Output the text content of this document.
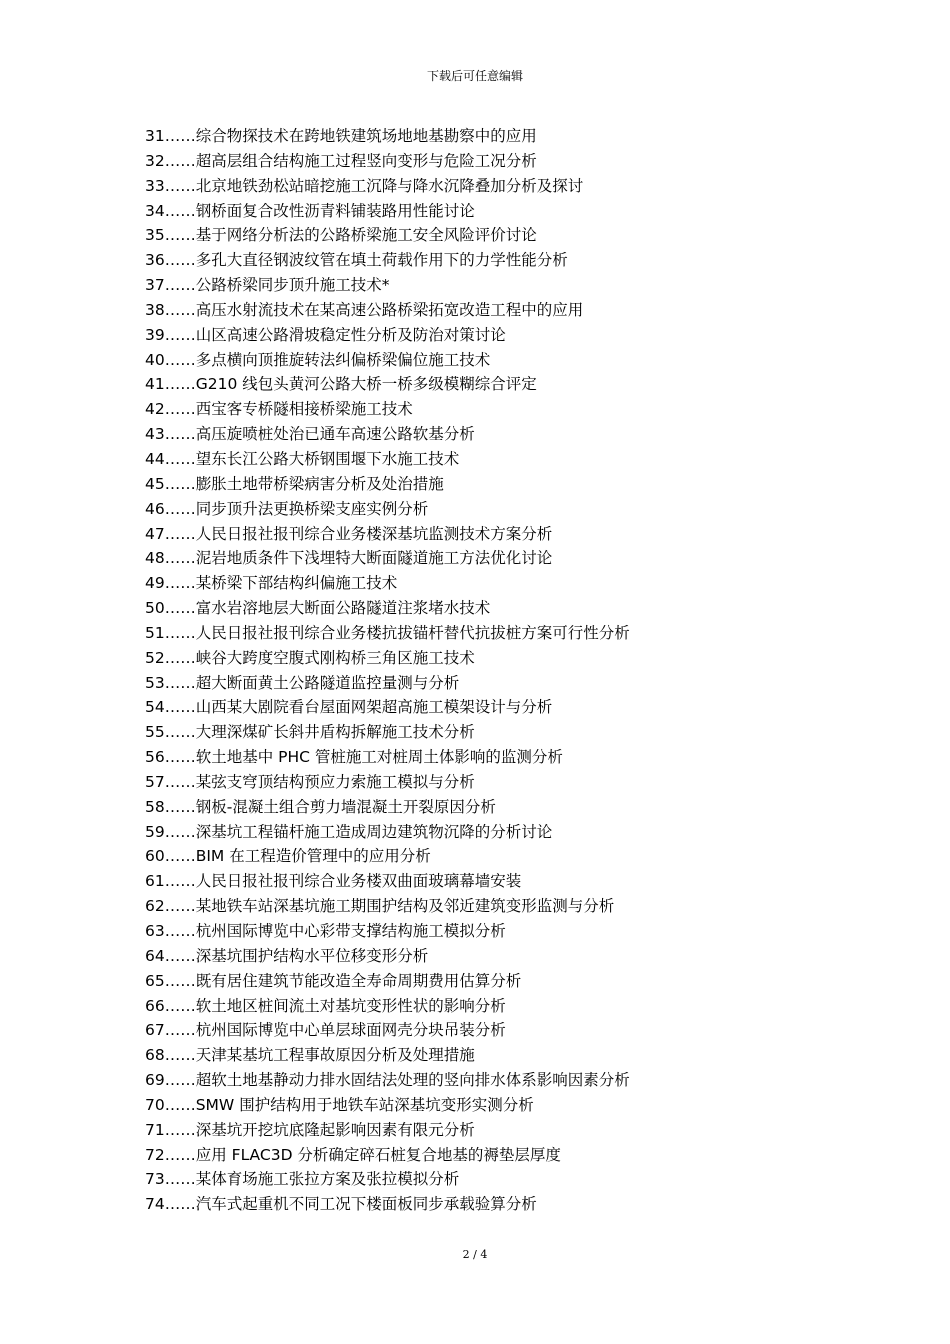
下载后可任意编辑
31……综合物探技术在跨地铁建筑场地地基勘察中的应用
32……超高层组合结构施工过程竖向变形与危险工况分析
33……北京地铁劲松站暗挖施工沉降与降水沉降叠加分析及探讨
34……钢桥面复合改性沥青料铺装路用性能讨论
35……基于网络分析法的公路桥梁施工安全风险评价讨论
36……多孔大直径钢波纹管在填土荷载作用下的力学性能分析
37……公路桥梁同步顶升施工技术*
38……高压水射流技术在某高速公路桥梁拓宽改造工程中的应用
39……山区高速公路滑坡稳定性分析及防治对策讨论
40……多点横向顶推旋转法纠偏桥梁偏位施工技术
41……G210 线包头黄河公路大桥一桥多级模糊综合评定
42……西宝客专桥隧相接桥梁施工技术
43……高压旋喷桩处治已通车高速公路软基分析
44……望东长江公路大桥钢围堰下水施工技术
45……膨胀土地带桥梁病害分析及处治措施
46……同步顶升法更换桥梁支座实例分析
47……人民日报社报刊综合业务楼深基坑监测技术方案分析
48……泥岩地质条件下浅埋特大断面隧道施工方法优化讨论
49……某桥梁下部结构纠偏施工技术
50……富水岩溶地层大断面公路隧道注浆堵水技术
51……人民日报社报刊综合业务楼抗拔锚杆替代抗拔桩方案可行性分析
52……峡谷大跨度空腹式刚构桥三角区施工技术
53……超大断面黄土公路隧道监控量测与分析
54……山西某大剧院看台屋面网架超高施工模架设计与分析
55……大理深煤矿长斜井盾构拆解施工技术分析
56……软土地基中 PHC 管桩施工对桩周土体影响的监测分析
57……某弦支穹顶结构预应力索施工模拟与分析
58……钢板-混凝土组合剪力墙混凝土开裂原因分析
59……深基坑工程锚杆施工造成周边建筑物沉降的分析讨论
60……BIM 在工程造价管理中的应用分析
61……人民日报社报刊综合业务楼双曲面玻璃幕墙安装
62……某地铁车站深基坑施工期围护结构及邻近建筑变形监测与分析
63……杭州国际博览中心彩带支撑结构施工模拟分析
64……深基坑围护结构水平位移变形分析
65……既有居住建筑节能改造全寿命周期费用估算分析
66……软土地区桩间流土对基坑变形性状的影响分析
67……杭州国际博览中心单层球面网壳分块吊装分析
68……天津某基坑工程事故原因分析及处理措施
69……超软土地基静动力排水固结法处理的竖向排水体系影响因素分析
70……SMW 围护结构用于地铁车站深基坑变形实测分析
71……深基坑开挖坑底隆起影响因素有限元分析
72……应用 FLAC3D 分析确定碎石桩复合地基的褥垫层厚度
73……某体育场施工张拉方案及张拉模拟分析
74……汽车式起重机不同工况下楼面板同步承载验算分析
2 / 4
